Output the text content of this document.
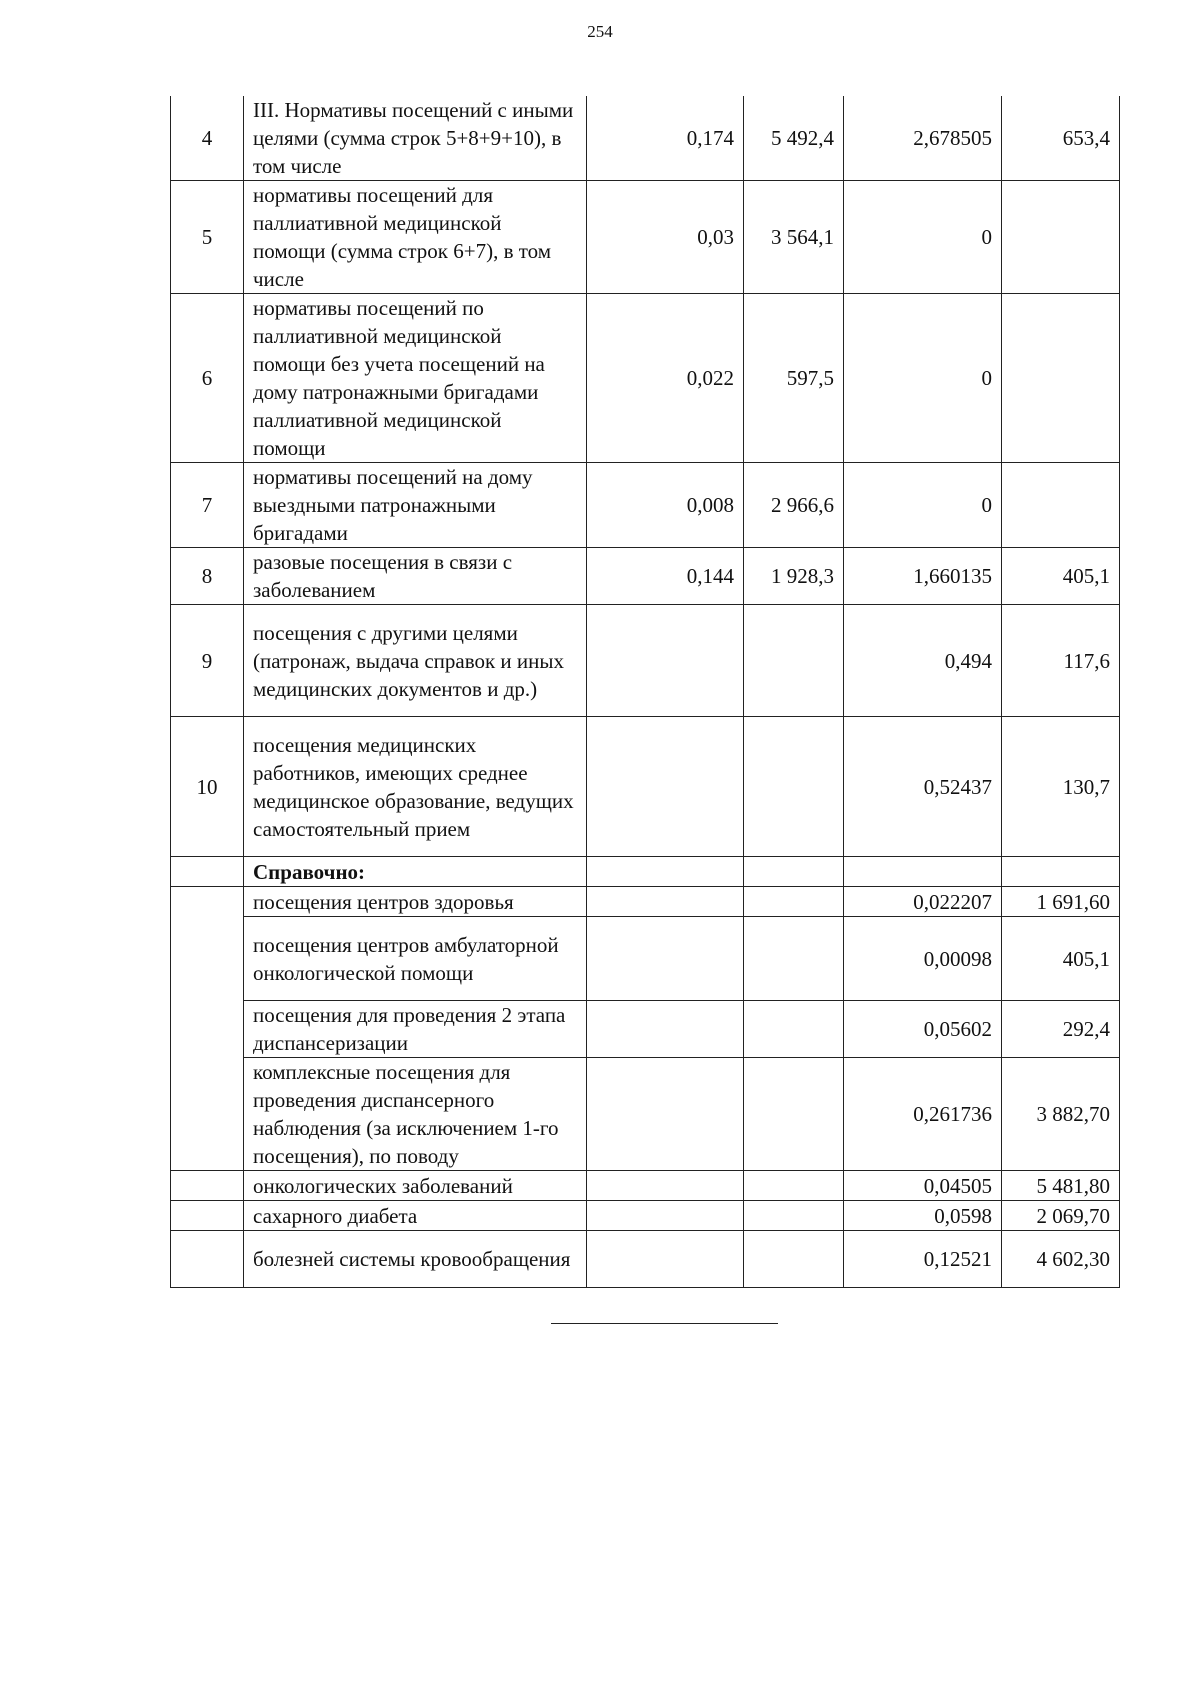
254
4	III. Нормативы посещений с иными целями (сумма строк 5+8+9+10), в том числе	0,174	5 492,4	2,678505	653,4
5	нормативы посещений для паллиативной медицинской помощи (сумма строк 6+7), в том числе	0,03	3 564,1	0	
6	нормативы посещений по паллиативной медицинской помощи без учета посещений на дому патронажными бригадами паллиативной медицинской помощи	0,022	597,5	0	
7	нормативы посещений на дому выездными патронажными бригадами	0,008	2 966,6	0	
8	разовые посещения в связи с заболеванием	0,144	1 928,3	1,660135	405,1
9	посещения с другими целями (патронаж, выдача справок и иных медицинских документов и др.)			0,494	117,6
10	посещения медицинских работников, имеющих среднее медицинское образование, ведущих самостоятельный прием			0,52437	130,7
	Справочно:				
	посещения центров здоровья			0,022207	1 691,60
	посещения центров амбулаторной онкологической помощи			0,00098	405,1
	посещения для проведения 2 этапа диспансеризации			0,05602	292,4
	комплексные посещения для проведения диспансерного наблюдения (за исключением 1-го посещения), по поводу			0,261736	3 882,70
	онкологических заболеваний			0,04505	5 481,80
	сахарного диабета			0,0598	2 069,70
	болезней системы кровообращения			0,12521	4 602,30
